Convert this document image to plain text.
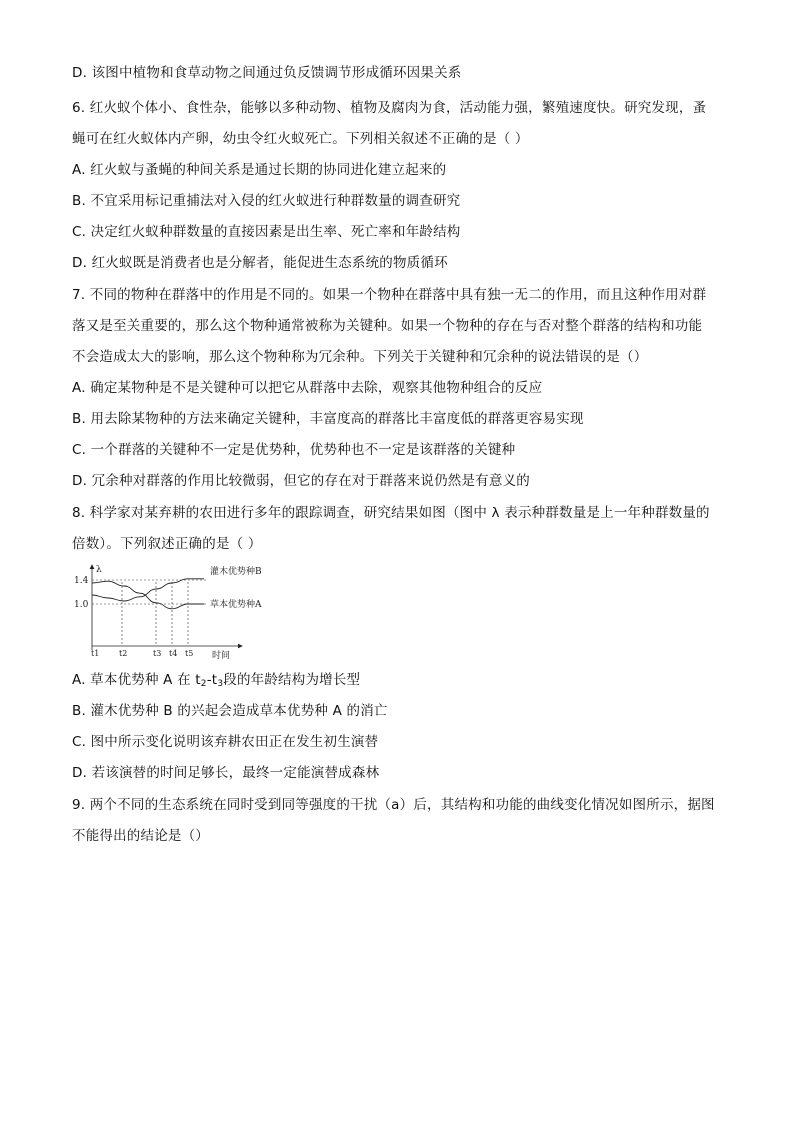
D. 该图中植物和食草动物之间通过负反馈调节形成循环因果关系
6. 红火蚁个体小、食性杂，能够以多种动物、植物及腐肉为食，活动能力强，繁殖速度快。研究发现，蚤
蝇可在红火蚁体内产卵，幼虫令红火蚁死亡。下列相关叙述不正确的是（ ）
A. 红火蚁与蚤蝇的种间关系是通过长期的协同进化建立起来的
B. 不宜采用标记重捕法对入侵的红火蚁进行种群数量的调查研究
C. 决定红火蚁种群数量的直接因素是出生率、死亡率和年龄结构
D. 红火蚁既是消费者也是分解者，能促进生态系统的物质循环
7. 不同的物种在群落中的作用是不同的。如果一个物种在群落中具有独一无二的作用，而且这种作用对群
落又是至关重要的，那么这个物种通常被称为关键种。如果一个物种的存在与否对整个群落的结构和功能
不会造成太大的影响，那么这个物种称为冗余种。下列关于关键种和冗余种的说法错误的是（）
A. 确定某物种是不是关键种可以把它从群落中去除，观察其他物种组合的反应
B. 用去除某物种的方法来确定关键种，丰富度高的群落比丰富度低的群落更容易实现
C. 一个群落的关键种不一定是优势种，优势种也不一定是该群落的关键种
D. 冗余种对群落的作用比较微弱，但它的存在对于群落来说仍然是有意义的
8. 科学家对某弃耕的农田进行多年的跟踪调查，研究结果如图（图中 λ 表示种群数量是上一年种群数量的
倍数）。下列叙述正确的是（ ）
λ
时间
1.4
1.0
t1 t2	t3 t4 t5
灌木优势种B
草本优势种A
A. 草本优势种 A 在 $t_2-t_3$段的年龄结构为增长型
B. 灌木优势种 B 的兴起会造成草本优势种 A 的消亡
C. 图中所示变化说明该弃耕农田正在发生初生演替
D. 若该演替的时间足够长，最终一定能演替成森林
9. 两个不同的生态系统在同时受到同等强度的干扰（a）后，其结构和功能的曲线变化情况如图所示，据图
不能得出的结论是（）
